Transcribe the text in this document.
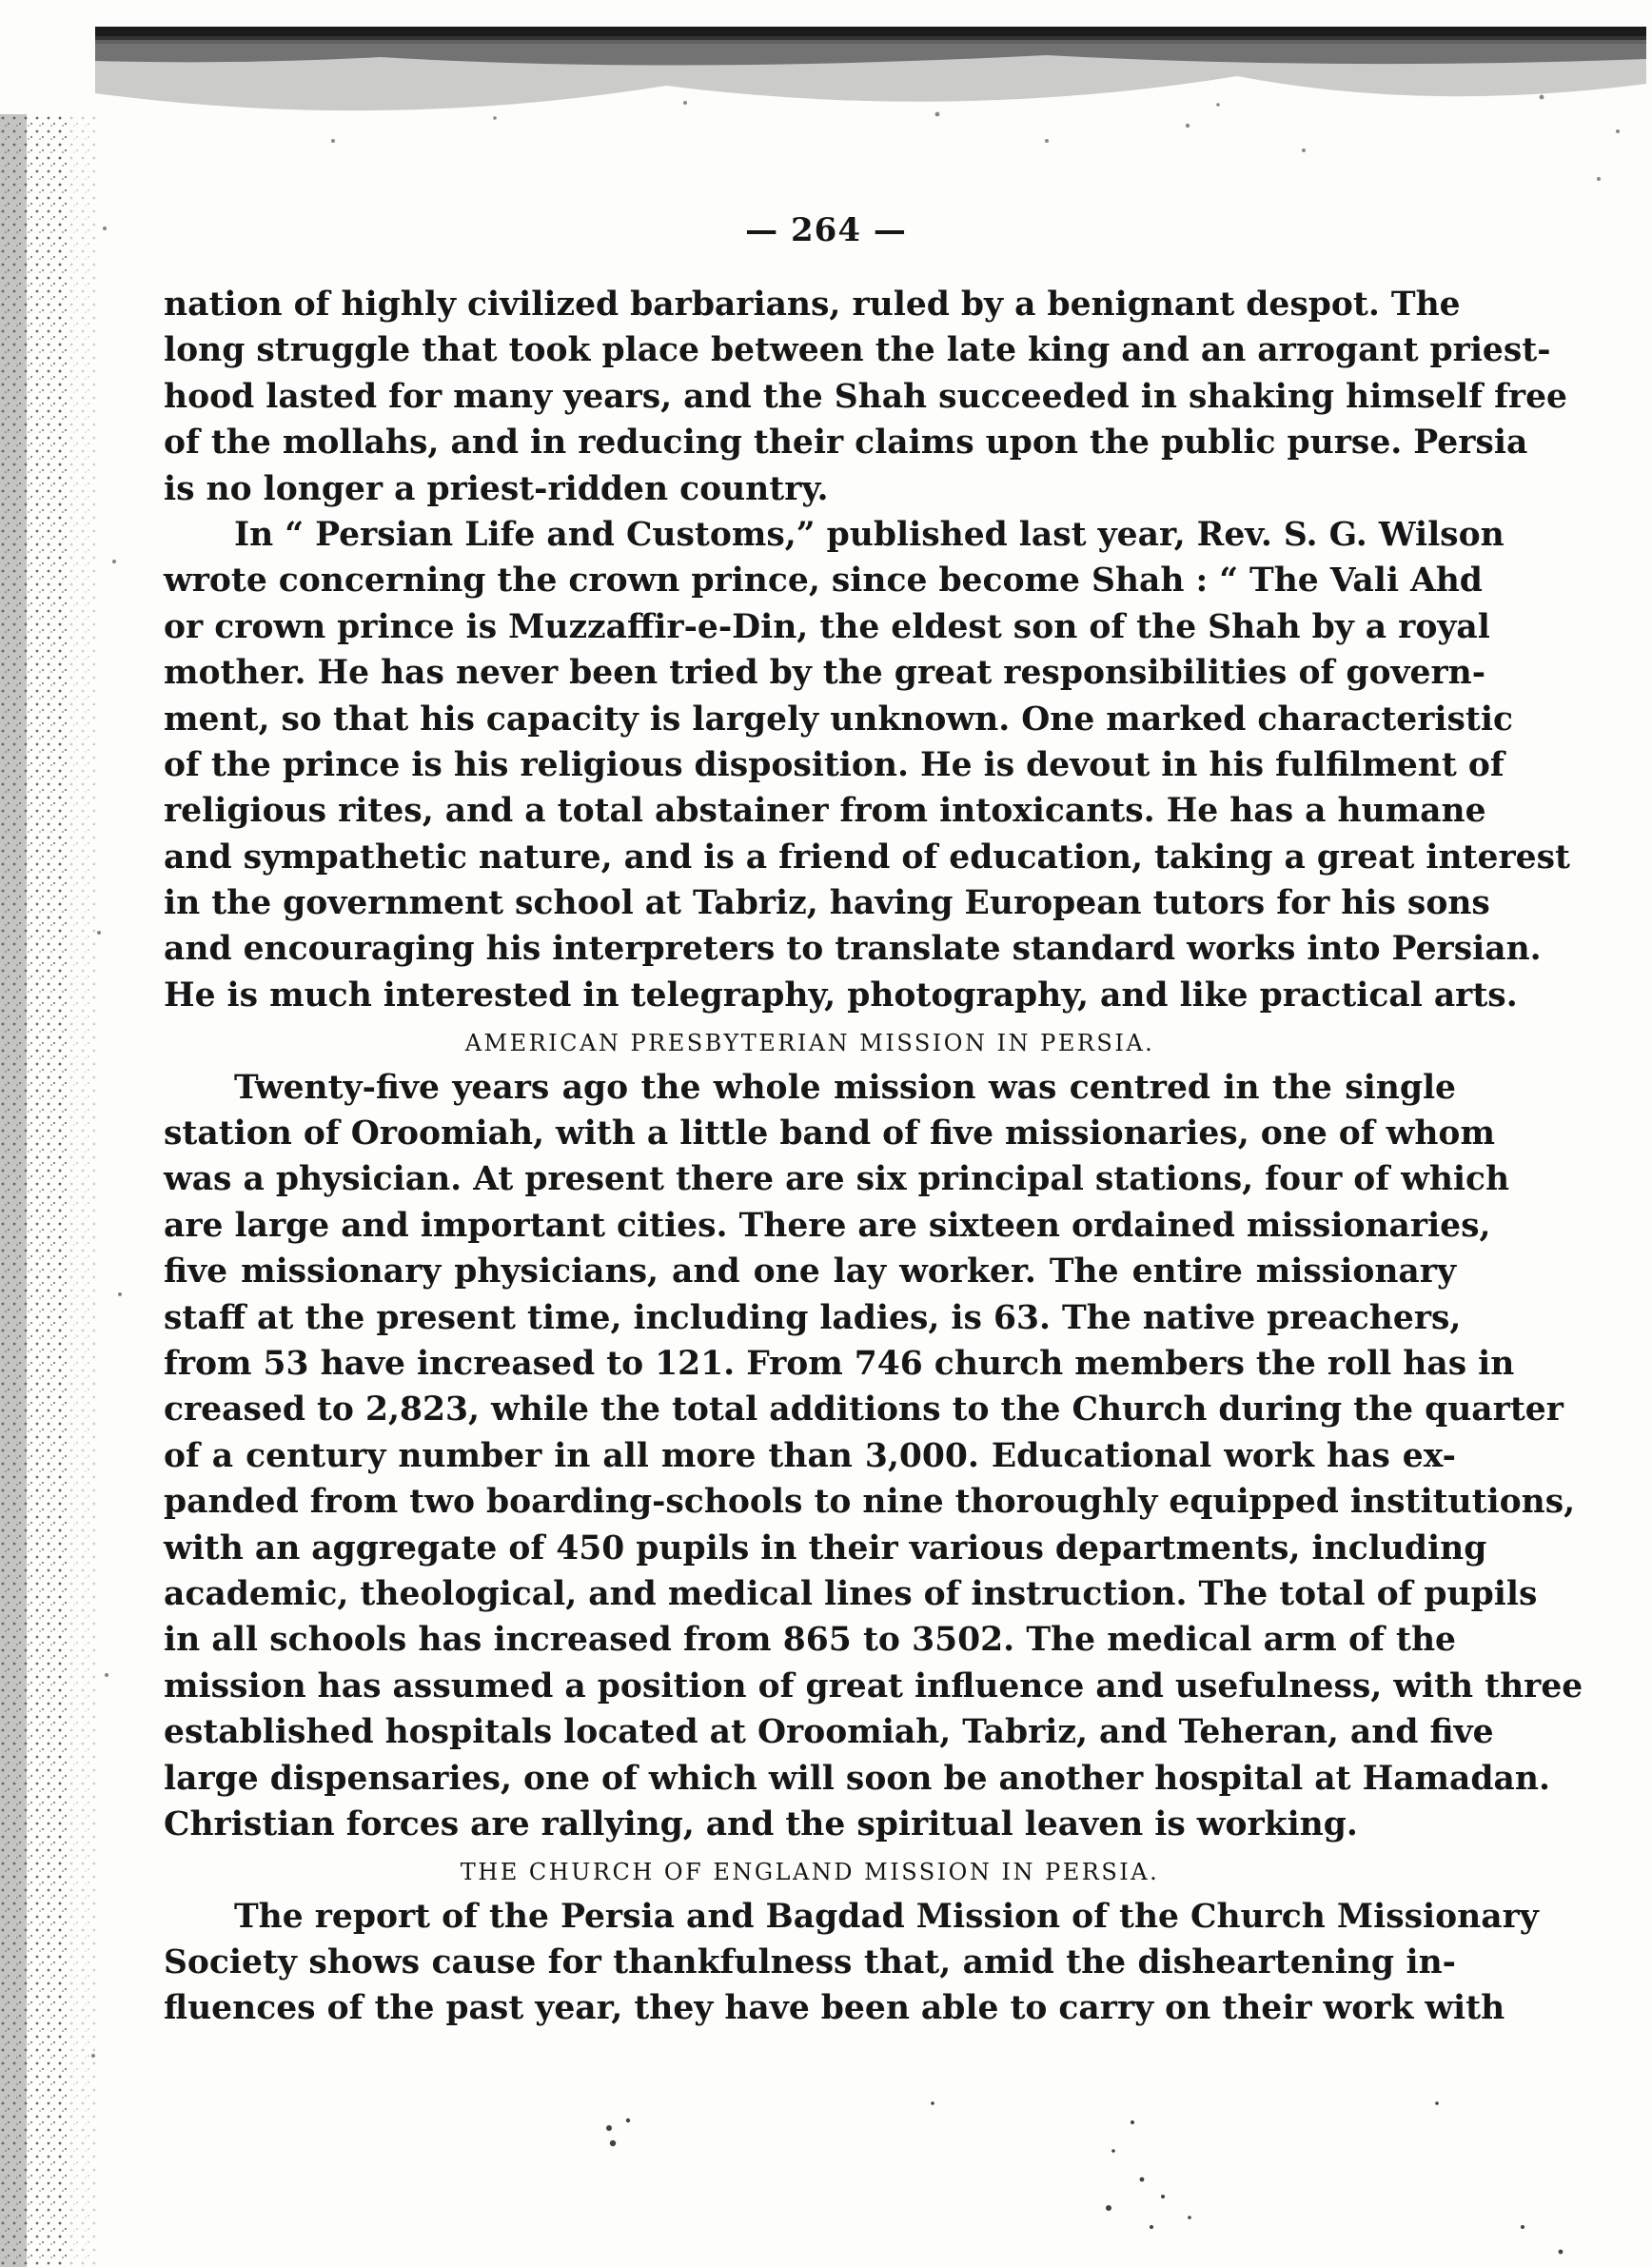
— 264 —
nation of highly civilized barbarians, ruled by a benignant despot. The
long struggle that took place between the late king and an arrogant priest-
hood lasted for many years, and the Shah succeeded in shaking himself free
of the mollahs, and in reducing their claims upon the public purse. Persia
is no longer a priest-ridden country.
In “ Persian Life and Customs,” published last year, Rev. S. G. Wilson
wrote concerning the crown prince, since become Shah : “ The Vali Ahd
or crown prince is Muzzaffir-e-Din, the eldest son of the Shah by a royal
mother. He has never been tried by the great responsibilities of govern-
ment, so that his capacity is largely unknown. One marked characteristic
of the prince is his religious disposition. He is devout in his fulfilment of
religious rites, and a total abstainer from intoxicants. He has a humane
and sympathetic nature, and is a friend of education, taking a great interest
in the government school at Tabriz, having European tutors for his sons
and encouraging his interpreters to translate standard works into Persian.
He is much interested in telegraphy, photography, and like practical arts.
AMERICAN PRESBYTERIAN MISSION IN PERSIA.
Twenty-five years ago the whole mission was centred in the single
station of Oroomiah, with a little band of five missionaries, one of whom
was a physician. At present there are six principal stations, four of which
are large and important cities. There are sixteen ordained missionaries,
five missionary physicians, and one lay worker. The entire missionary
staff at the present time, including ladies, is 63. The native preachers,
from 53 have increased to 121. From 746 church members the roll has in
creased to 2,823, while the total additions to the Church during the quarter
of a century number in all more than 3,000. Educational work has ex-
panded from two boarding-schools to nine thoroughly equipped institutions,
with an aggregate of 450 pupils in their various departments, including
academic, theological, and medical lines of instruction. The total of pupils
in all schools has increased from 865 to 3502. The medical arm of the
mission has assumed a position of great influence and usefulness, with three
established hospitals located at Oroomiah, Tabriz, and Teheran, and five
large dispensaries, one of which will soon be another hospital at Hamadan.
Christian forces are rallying, and the spiritual leaven is working.
THE CHURCH OF ENGLAND MISSION IN PERSIA.
The report of the Persia and Bagdad Mission of the Church Missionary
Society shows cause for thankfulness that, amid the disheartening in-
fluences of the past year, they have been able to carry on their work with
